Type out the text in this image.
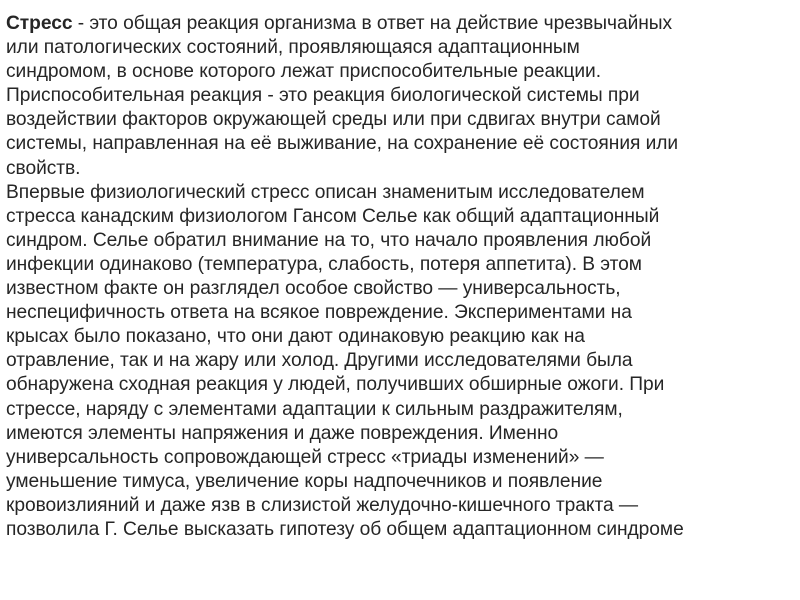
Стресс - это общая реакция организма в ответ на действие чрезвычайных
или патологических состояний, проявляющаяся адаптационным
синдромом, в основе которого лежат приспособительные реакции.
Приспособительная реакция - это реакция биологической системы при
воздействии факторов окружающей среды или при сдвигах внутри самой
системы, направленная на её выживание, на сохранение её состояния или
свойств.
Впервые физиологический стресс описан знаменитым исследователем
стресса канадским физиологом Гансом Селье как общий адаптационный
синдром. Селье обратил внимание на то, что начало проявления любой
инфекции одинаково (температура, слабость, потеря аппетита). В этом
известном факте он разглядел особое свойство — универсальность,
неспецифичность ответа на всякое повреждение. Экспериментами на
крысах было показано, что они дают одинаковую реакцию как на
отравление, так и на жару или холод. Другими исследователями была
обнаружена сходная реакция у людей, получивших обширные ожоги. При
стрессе, наряду с элементами адаптации к сильным раздражителям,
имеются элементы напряжения и даже повреждения. Именно
универсальность сопровождающей стресс «триады изменений» —
уменьшение тимуса, увеличение коры надпочечников и появление
кровоизлияний и даже язв в слизистой желудочно-кишечного тракта —
позволила Г. Селье высказать гипотезу об общем адаптационном синдроме
